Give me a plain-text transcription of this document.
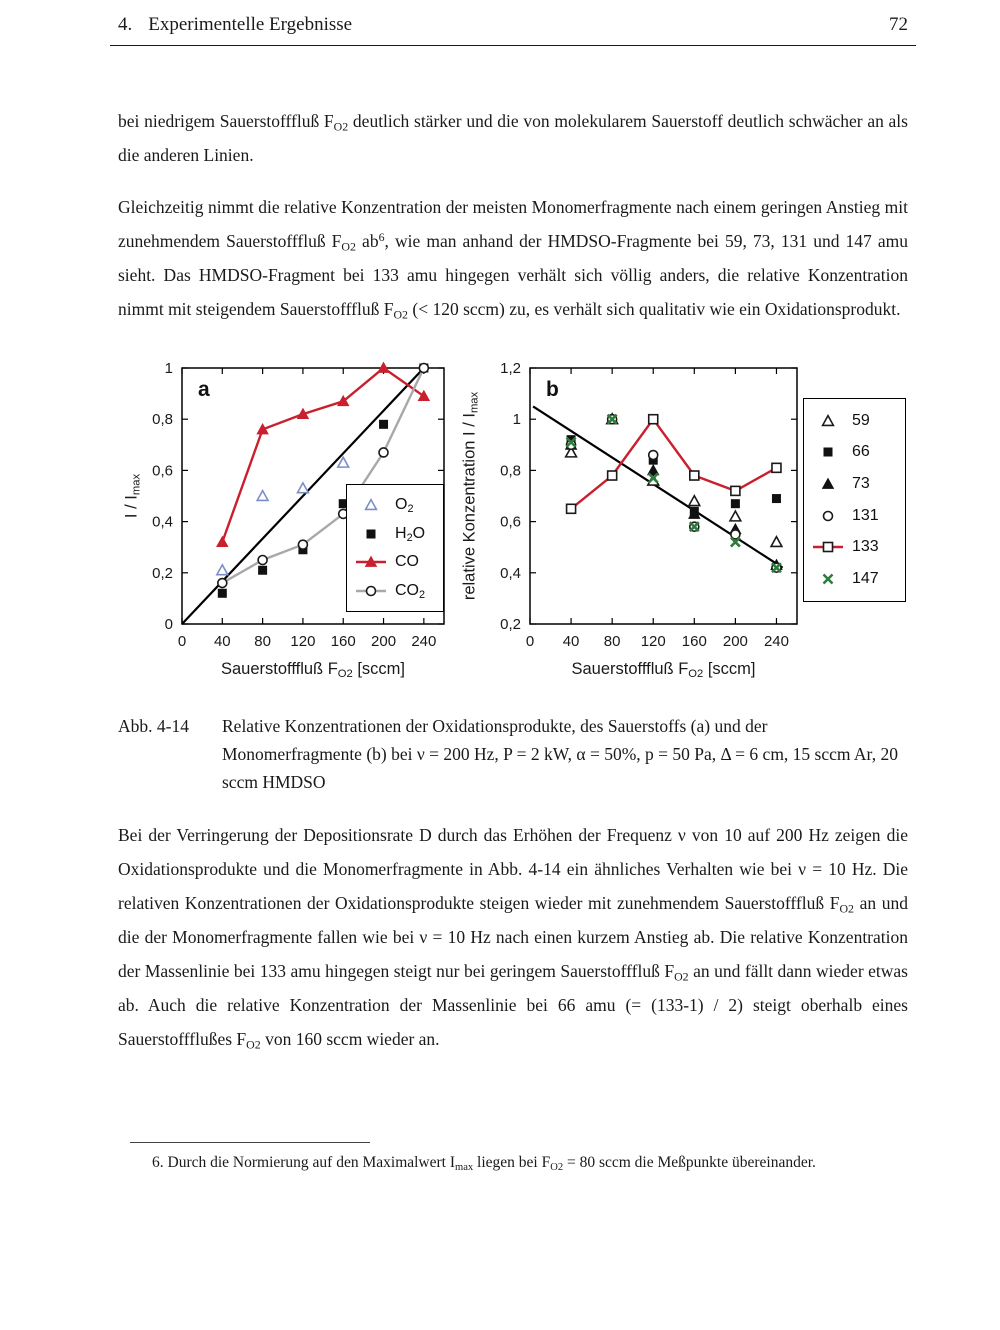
4. Experimentelle Ergebnisse	72

bei niedrigem Sauerstofffluß $F_{O2}$ deutlich stärker und die von molekularem Sauerstoff deutlich schwächer an als die anderen Linien.

Gleichzeitig nimmt die relative Konzentration der meisten Monomerfragmente nach einem geringen Anstieg mit zunehmendem Sauerstofffluß $F_{O2}$ $ab^6$, wie man anhand der HMDSO-Fragmente bei 59, 73, 131 und 147 amu sieht. Das HMDSO-Fragment bei 133 amu hingegen verhält sich völlig anders, die relative Konzentration nimmt mit steigendem Sauerstofffluß $F_{O2}$ (< 120 sccm) zu, es verhält sich qualitativ wie ein Oxidationsprodukt.

0 40 80 120 160 200 240
0
0,2
0,4
0,6
0,8
1
a
Sauerstofffluß $F_{O2}$ [sccm]
I / $I_{max}$
$O_2$
$H_2O$
CO
$CO_2$
0 40 80 120 160 200 240
0,2
0,4
0,6
0,8
1
1,2
b
Sauerstofffluß $F_{O2}$ [sccm]
relative Konzentration I / $I_{max}$
59
66
73
131
133
147
Abb. 4-14	Relative Konzentrationen der Oxidationsprodukte, des Sauerstoffs (a) und der Monomerfragmente (b) bei ν = 200 Hz, P = 2 kW, α = 50%, p = 50 Pa, Δ = 6 cm, 15 sccm Ar, 20 sccm HMDSO

Bei der Verringerung der Depositionsrate D durch das Erhöhen der Frequenz ν von 10 auf 200 Hz zeigen die Oxidationsprodukte und die Monomerfragmente in Abb. 4-14 ein ähnliches Verhalten wie bei ν = 10 Hz. Die relativen Konzentrationen der Oxidationsprodukte steigen wieder mit zunehmendem Sauerstofffluß $F_{O2}$ an und die der Monomerfragmente fallen wie bei ν = 10 Hz nach einen kurzem Anstieg ab. Die relative Konzentration der Massenlinie bei 133 amu hingegen steigt nur bei geringem Sauerstofffluß $F_{O2}$ an und fällt dann wieder etwas ab. Auch die relative Konzentration der Massenlinie bei 66 amu (= (133-1) / 2) steigt oberhalb eines Sauerstoffflußes $F_{O2}$ von 160 sccm wieder an.

6. Durch die Normierung auf den Maximalwert $I_{max}$ liegen bei $F_{O2} = 80$ sccm die Meßpunkte übereinander.
